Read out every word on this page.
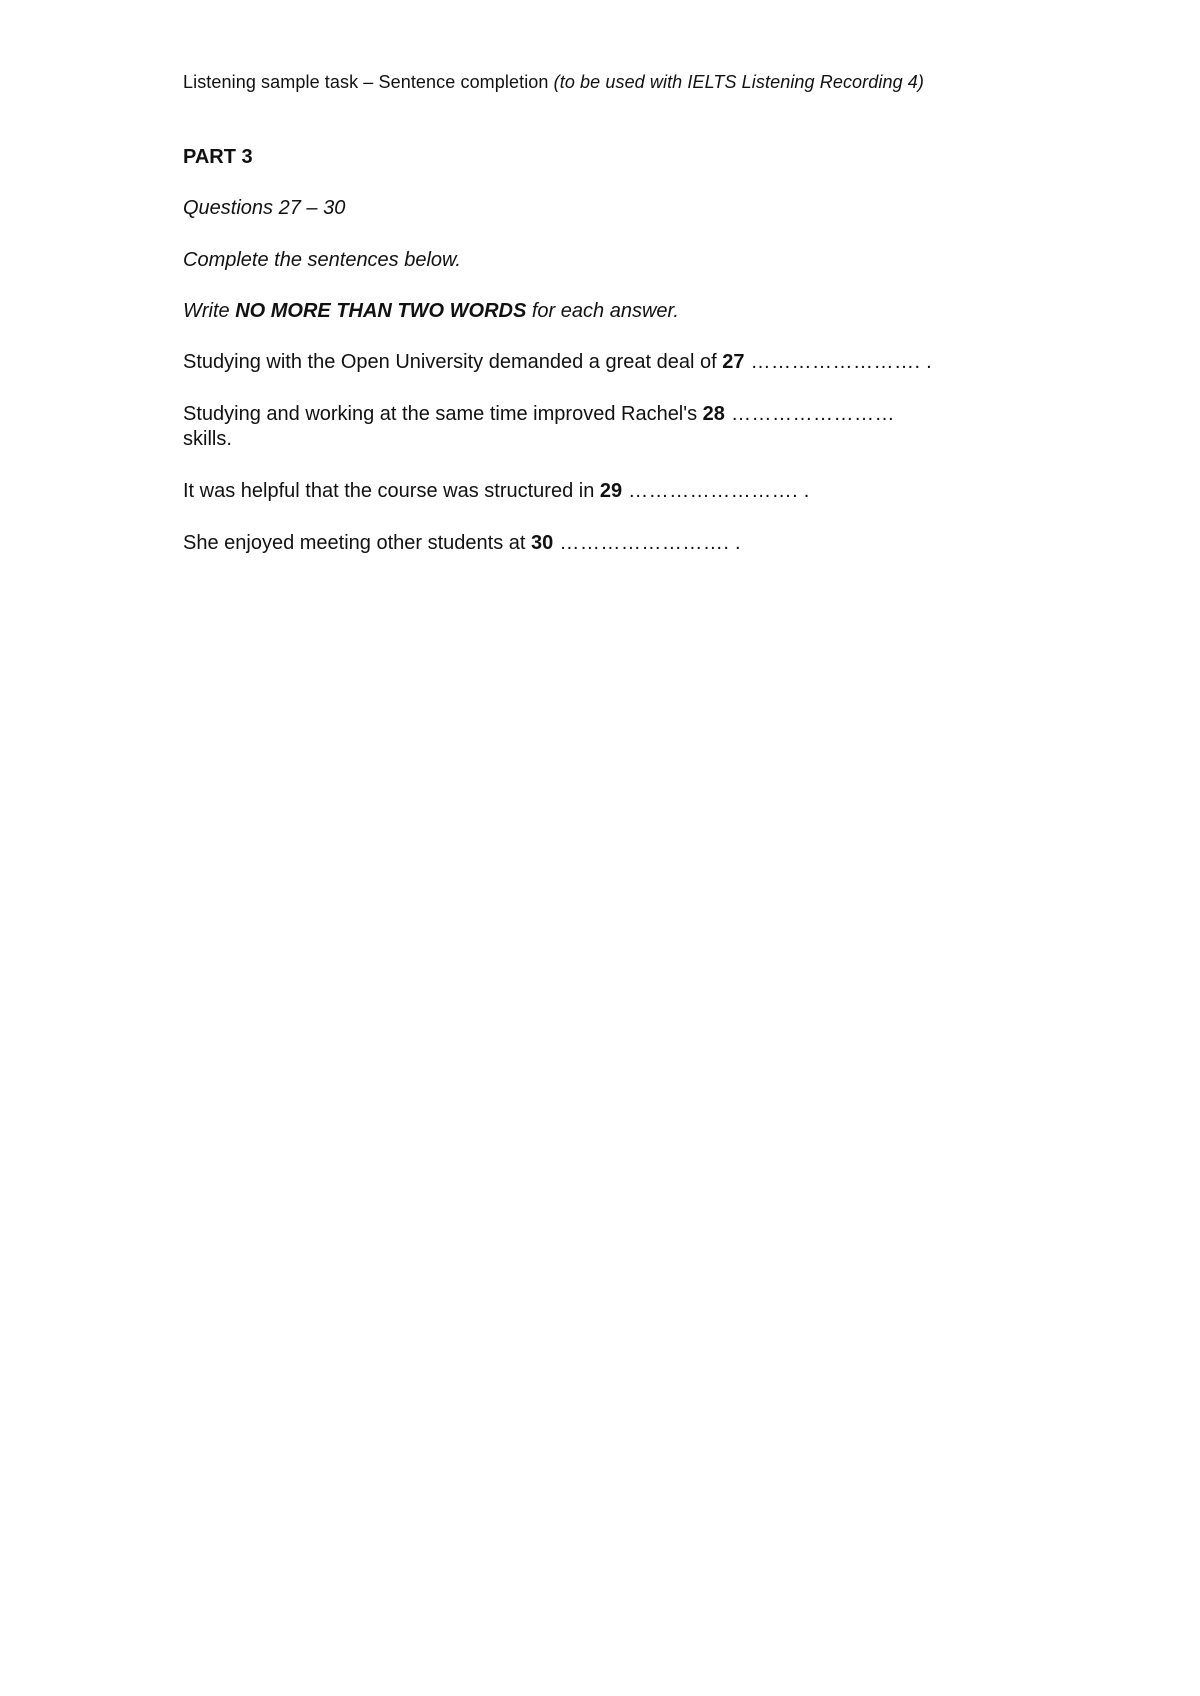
Listening sample task – Sentence completion (to be used with IELTS Listening Recording 4)
PART 3

Questions 27 – 30

Complete the sentences below.

Write NO MORE THAN TWO WORDS for each answer.

Studying with the Open University demanded a great deal of 27 ……………………. .

Studying and working at the same time improved Rachel's 28 ……………………
skills.

It was helpful that the course was structured in 29 ……………………. .

She enjoyed meeting other students at 30 ……………………. .
